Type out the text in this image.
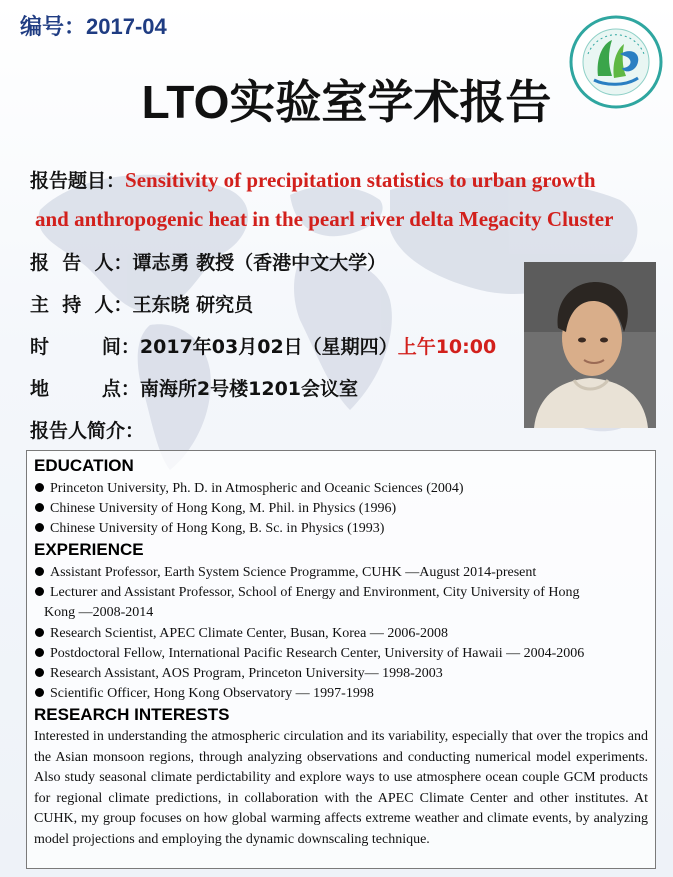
编号：2017-04
LTO实验室学术报告
报告题目：Sensitivity of precipitation statistics to urban growth
and anthropogenic heat in the pearl river delta Megacity Cluster
报  告  人：谭志勇 教授（香港中文大学）
主  持  人：王东晓 研究员
时        间：2017年03月02日（星期四）上午10:00
地        点：南海所2号楼1201会议室
报告人简介：
EDUCATION
Princeton University, Ph. D. in Atmospheric and Oceanic Sciences (2004)
Chinese University of Hong Kong, M. Phil. in Physics (1996)
Chinese University of Hong Kong, B. Sc. in Physics (1993)
EXPERIENCE
Assistant Professor, Earth System Science Programme, CUHK —August 2014-present
Lecturer and Assistant Professor, School of Energy and Environment, City University of Hong
Kong —2008-2014
Research Scientist, APEC Climate Center, Busan, Korea — 2006-2008
Postdoctoral Fellow, International Pacific Research Center, University of Hawaii — 2004-2006
Research Assistant, AOS Program, Princeton University— 1998-2003
Scientific Officer, Hong Kong Observatory — 1997-1998
RESEARCH INTERESTS
Interested in understanding the atmospheric circulation and its variability, especially that over the tropics and the Asian monsoon regions, through analyzing observations and conducting numerical model experiments. Also study seasonal climate perdictability and explore ways to use atmosphere ocean couple GCM products for regional climate predictions, in collaboration with the APEC Climate Center and other institutes. At CUHK, my group focuses on how global warming affects extreme weather and climate events, by analyzing model projections and employing the dynamic downscaling technique.
